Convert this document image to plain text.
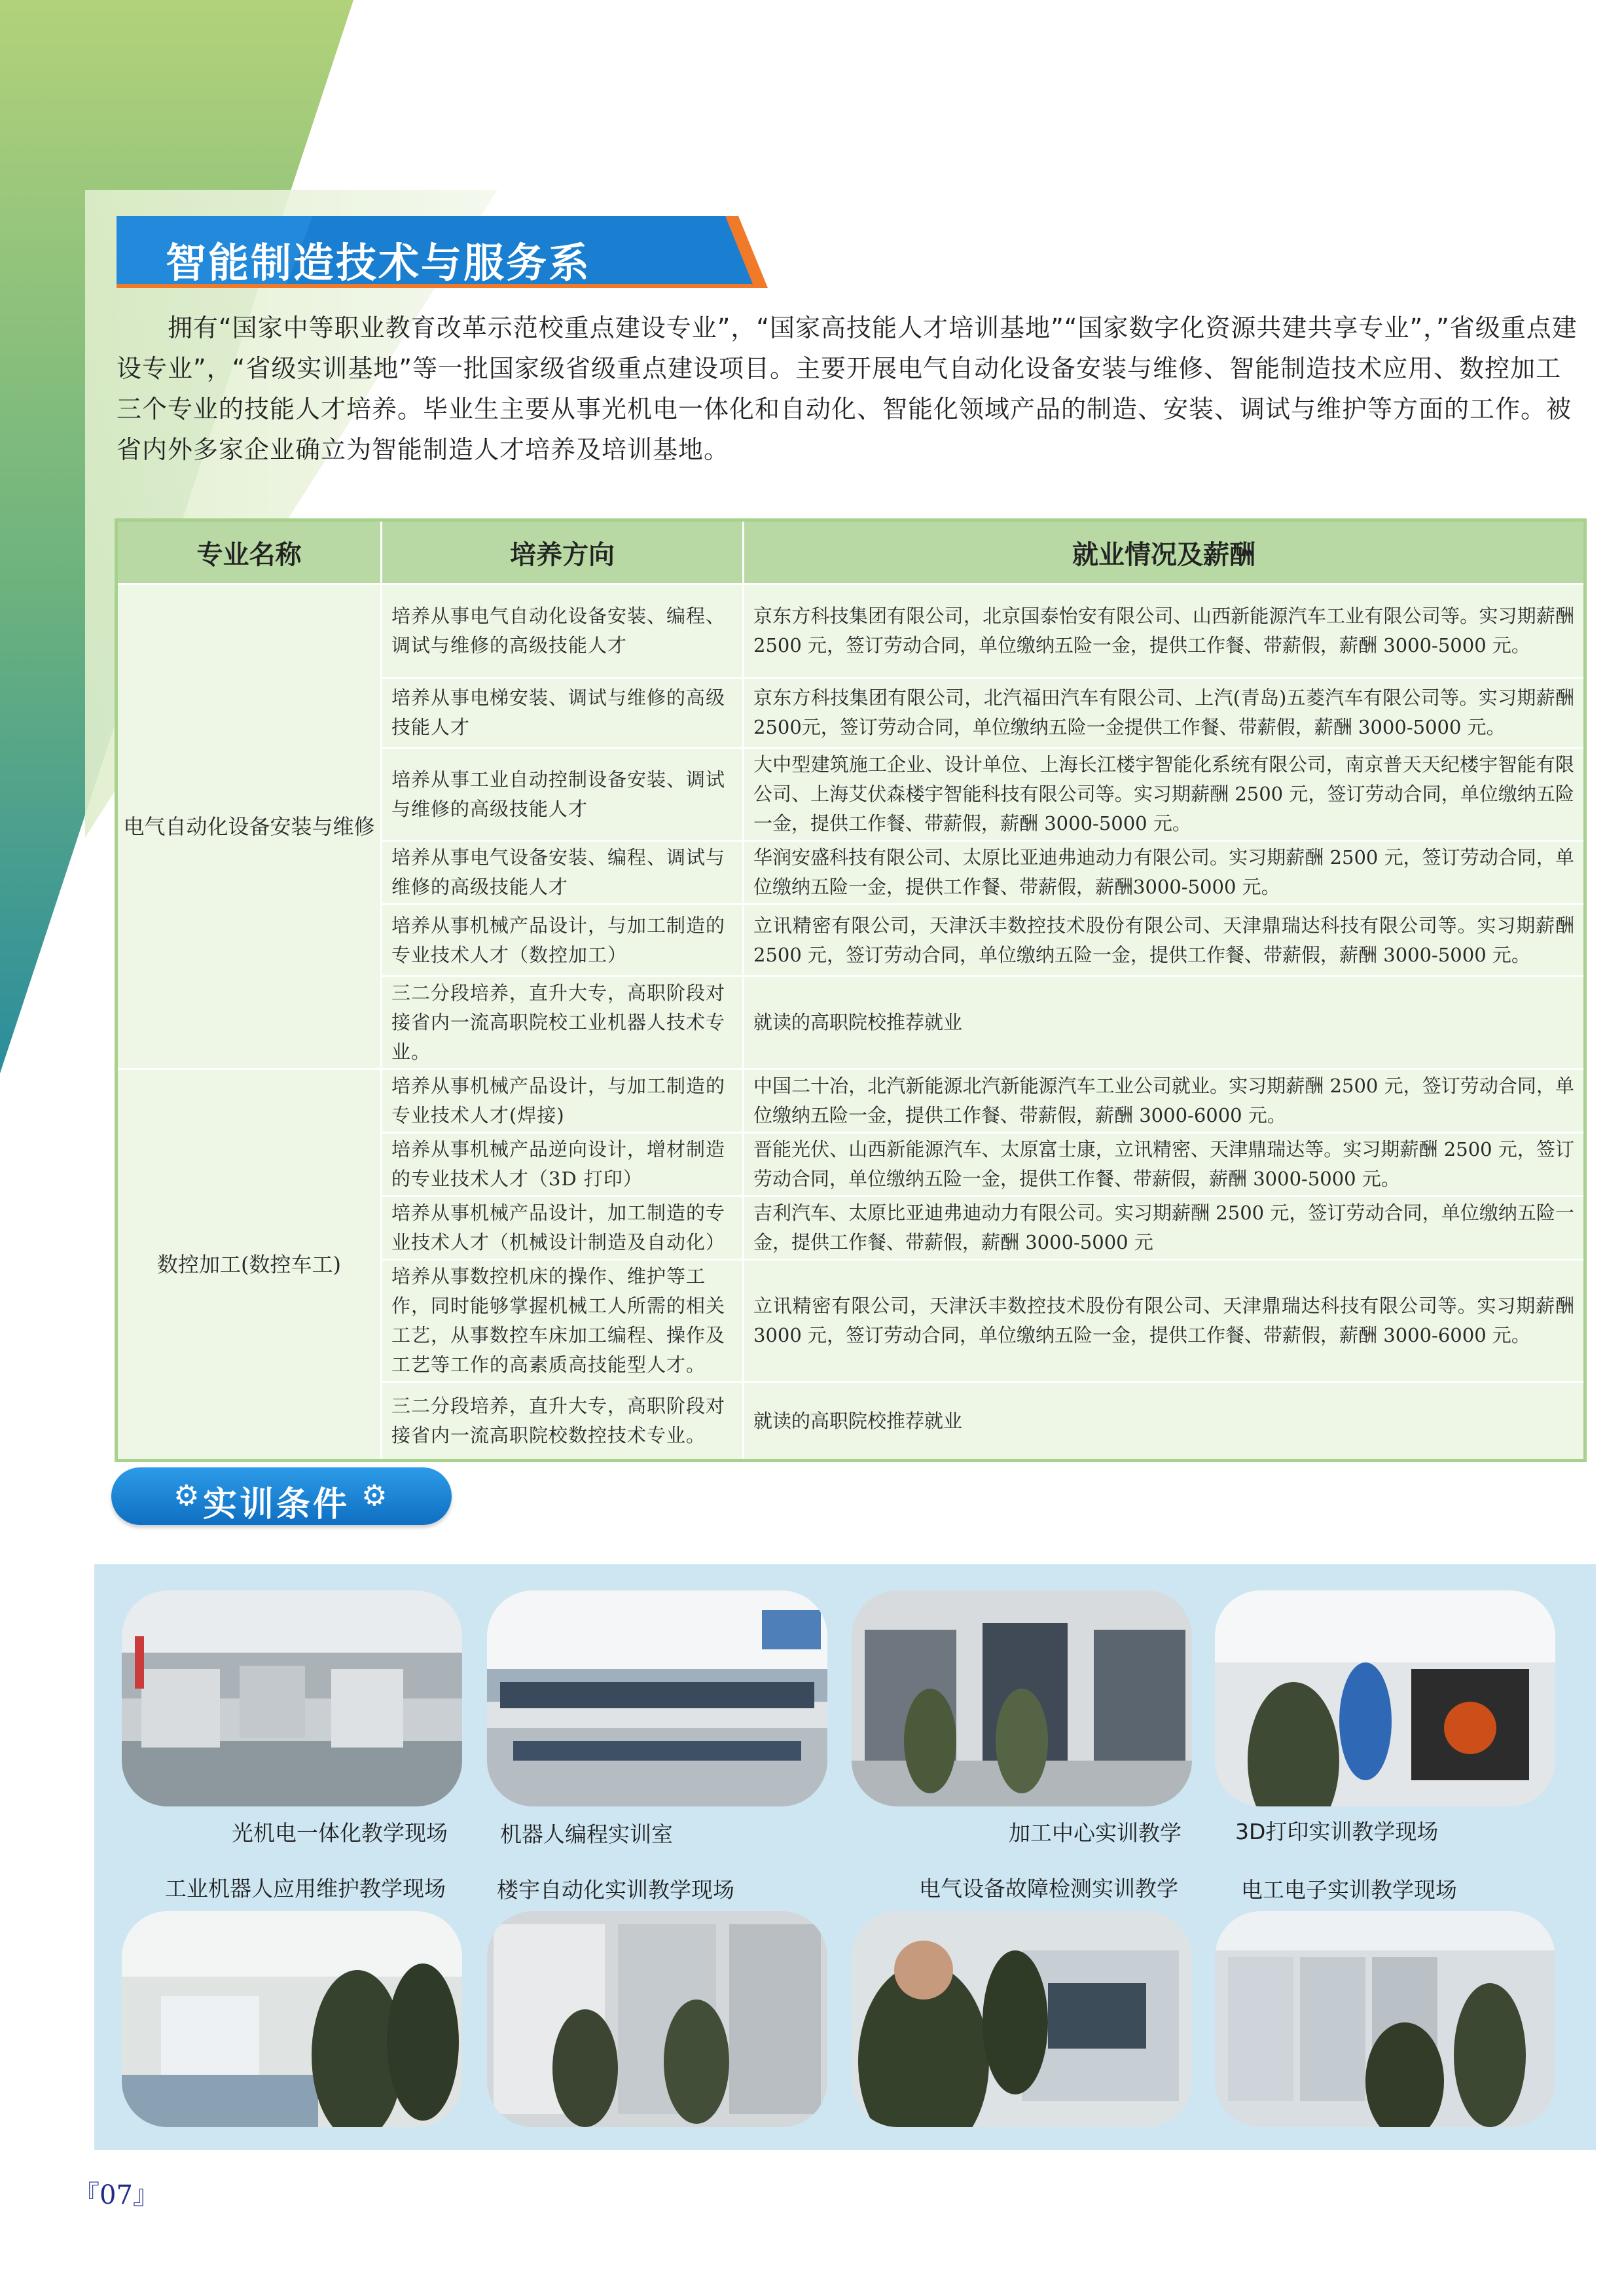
智能制造技术与服务系

拥有“国家中等职业教育改革示范校重点建设专业”，“国家高技能人才培训基地”“国家数字化资源共建共享专业”，”省级重点建设专业”，“省级实训基地”等一批国家级省级重点建设项目。主要开展电气自动化设备安装与维修、智能制造技术应用、数控加工三个专业的技能人才培养。毕业生主要从事光机电一体化和自动化、智能化领域产品的制造、安装、调试与维护等方面的工作。被省内外多家企业确立为智能制造人才培养及培训基地。

专业名称	培养方向	就业情况及薪酬
电气自动化设备安装与维修	培养从事电气自动化设备安装、编程、调试与维修的高级技能人才	京东方科技集团有限公司，北京国泰怡安有限公司、山西新能源汽车工业有限公司等。实习期薪酬 2500 元，签订劳动合同，单位缴纳五险一金，提供工作餐、带薪假，薪酬 3000-5000 元。
	培养从事电梯安装、调试与维修的高级技能人才	京东方科技集团有限公司，北汽福田汽车有限公司、上汽(青岛)五菱汽车有限公司等。实习期薪酬 2500元，签订劳动合同，单位缴纳五险一金提供工作餐、带薪假，薪酬 3000-5000 元。
	培养从事工业自动控制设备安装、调试与维修的高级技能人才	大中型建筑施工企业、设计单位、上海长江楼宇智能化系统有限公司，南京普天天纪楼宇智能有限公司、上海艾伏森楼宇智能科技有限公司等。实习期薪酬 2500 元，签订劳动合同，单位缴纳五险一金，提供工作餐、带薪假，薪酬 3000-5000 元。
	培养从事电气设备安装、编程、调试与维修的高级技能人才	华润安盛科技有限公司、太原比亚迪弗迪动力有限公司。实习期薪酬 2500 元，签订劳动合同，单位缴纳五险一金，提供工作餐、带薪假，薪酬3000-5000 元。
	培养从事机械产品设计，与加工制造的专业技术人才（数控加工）	立讯精密有限公司，天津沃丰数控技术股份有限公司、天津鼎瑞达科技有限公司等。实习期薪酬 2500 元，签订劳动合同，单位缴纳五险一金，提供工作餐、带薪假，薪酬 3000-5000 元。
	三二分段培养，直升大专，高职阶段对接省内一流高职院校工业机器人技术专业。	就读的高职院校推荐就业
数控加工(数控车工)	培养从事机械产品设计，与加工制造的专业技术人才(焊接)	中国二十冶，北汽新能源北汽新能源汽车工业公司就业。实习期薪酬 2500 元，签订劳动合同，单位缴纳五险一金，提供工作餐、带薪假，薪酬 3000-6000 元。
	培养从事机械产品逆向设计，增材制造的专业技术人才（3D 打印）	晋能光伏、山西新能源汽车、太原富士康，立讯精密、天津鼎瑞达等。实习期薪酬 2500 元，签订劳动合同，单位缴纳五险一金，提供工作餐、带薪假，薪酬 3000-5000 元。
	培养从事机械产品设计，加工制造的专业技术人才（机械设计制造及自动化）	吉利汽车、太原比亚迪弗迪动力有限公司。实习期薪酬 2500 元，签订劳动合同，单位缴纳五险一金，提供工作餐、带薪假，薪酬 3000-5000 元
	培养从事数控机床的操作、维护等工作，同时能够掌握机械工人所需的相关工艺，从事数控车床加工编程、操作及工艺等工作的高素质高技能型人才。	立讯精密有限公司，天津沃丰数控技术股份有限公司、天津鼎瑞达科技有限公司等。实习期薪酬 3000 元，签订劳动合同，单位缴纳五险一金，提供工作餐、带薪假，薪酬 3000-6000 元。
	三二分段培养，直升大专，高职阶段对接省内一流高职院校数控技术专业。	就读的高职院校推荐就业
⚙ 实训条件 ⚙
光机电一体化教学现场 机器人编程实训室	加工中心实训教学 3D打印实训教学现场
工业机器人应用维护教学现场 楼宇自动化实训教学现场	电气设备故障检测实训教学	电工电子实训教学现场
『07』
